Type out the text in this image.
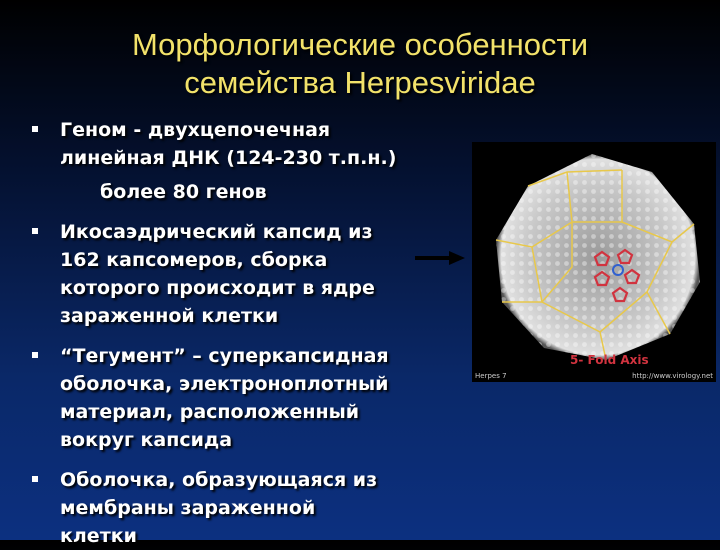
Морфологические особенности
семейства Herpesviridae
Геном - двухцепочечная
линейная ДНК (124-230 т.п.н.)
более 80 генов
Икосаэдрический капсид из
162 капсомеров, сборка
которого происходит в ядре
зараженной клетки
“Тегумент” – суперкапсидная
оболочка, электроноплотный
материал, расположенный
вокруг капсида
Оболочка, образующаяся из
мембраны зараженной
клетки
5- Fold Axis
Herpes 7	http://www.virology.net
